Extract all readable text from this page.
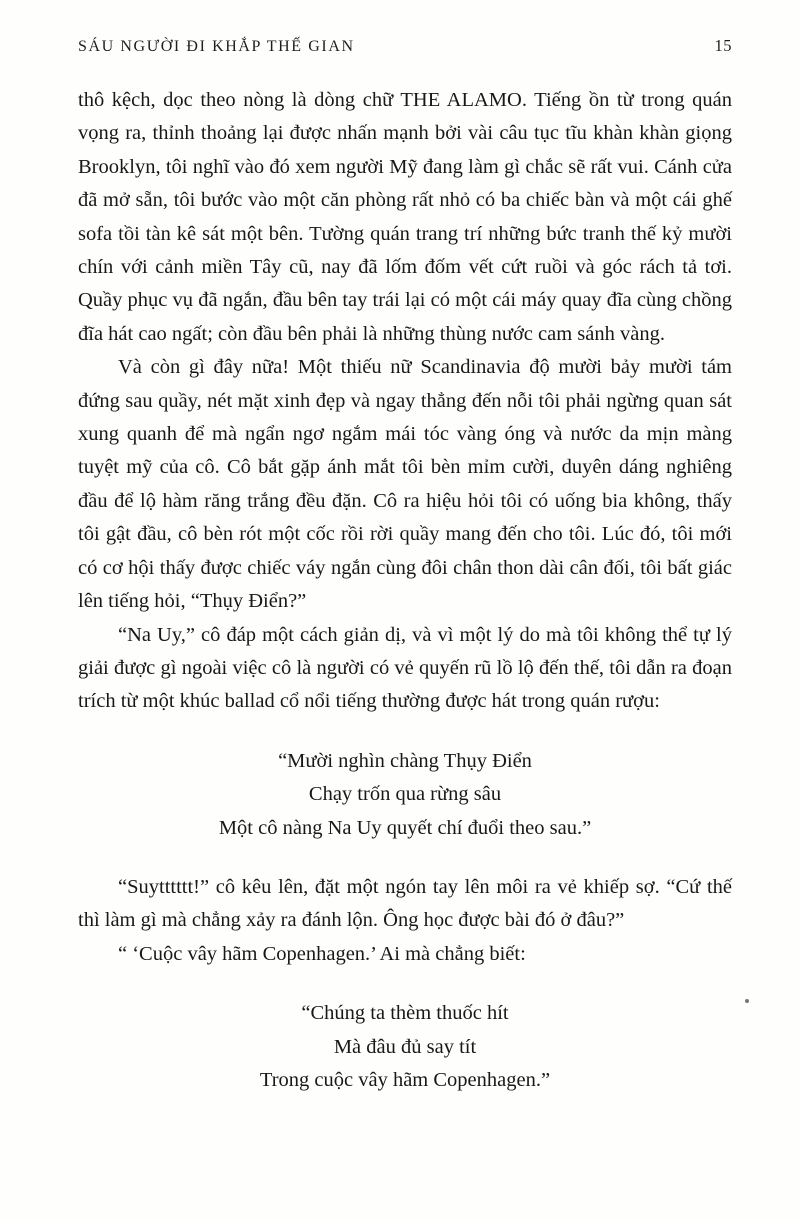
SÁU NGƯỜI ĐI KHẮP THẾ GIAN	15

thô kệch, dọc theo nòng là dòng chữ THE ALAMO. Tiếng ồn từ trong quán vọng ra, thỉnh thoảng lại được nhấn mạnh bởi vài câu tục tĩu khàn khàn giọng Brooklyn, tôi nghĩ vào đó xem người Mỹ đang làm gì chắc sẽ rất vui. Cánh cửa đã mở sẵn, tôi bước vào một căn phòng rất nhỏ có ba chiếc bàn và một cái ghế sofa tồi tàn kê sát một bên. Tường quán trang trí những bức tranh thế kỷ mười chín với cảnh miền Tây cũ, nay đã lốm đốm vết cứt ruồi và góc rách tả tơi. Quầy phục vụ đã ngắn, đầu bên tay trái lại có một cái máy quay đĩa cùng chồng đĩa hát cao ngất; còn đầu bên phải là những thùng nước cam sánh vàng.

Và còn gì đây nữa! Một thiếu nữ Scandinavia độ mười bảy mười tám đứng sau quầy, nét mặt xinh đẹp và ngay thẳng đến nỗi tôi phải ngừng quan sát xung quanh để mà ngẩn ngơ ngắm mái tóc vàng óng và nước da mịn màng tuyệt mỹ của cô. Cô bắt gặp ánh mắt tôi bèn mỉm cười, duyên dáng nghiêng đầu để lộ hàm răng trắng đều đặn. Cô ra hiệu hỏi tôi có uống bia không, thấy tôi gật đầu, cô bèn rót một cốc rồi rời quầy mang đến cho tôi. Lúc đó, tôi mới có cơ hội thấy được chiếc váy ngắn cùng đôi chân thon dài cân đối, tôi bất giác lên tiếng hỏi, “Thụy Điển?”

“Na Uy,” cô đáp một cách giản dị, và vì một lý do mà tôi không thể tự lý giải được gì ngoài việc cô là người có vẻ quyến rũ lồ lộ đến thế, tôi dẫn ra đoạn trích từ một khúc ballad cổ nổi tiếng thường được hát trong quán rượu:

“Mười nghìn chàng Thụy Điển
Chạy trốn qua rừng sâu
Một cô nàng Na Uy quyết chí đuổi theo sau.”

“Suytttttt!” cô kêu lên, đặt một ngón tay lên môi ra vẻ khiếp sợ. “Cứ thế thì làm gì mà chẳng xảy ra đánh lộn. Ông học được bài đó ở đâu?”

“ ‘Cuộc vây hãm Copenhagen.’ Ai mà chẳng biết:

“Chúng ta thèm thuốc hít
Mà đâu đủ say tít
Trong cuộc vây hãm Copenhagen.”
